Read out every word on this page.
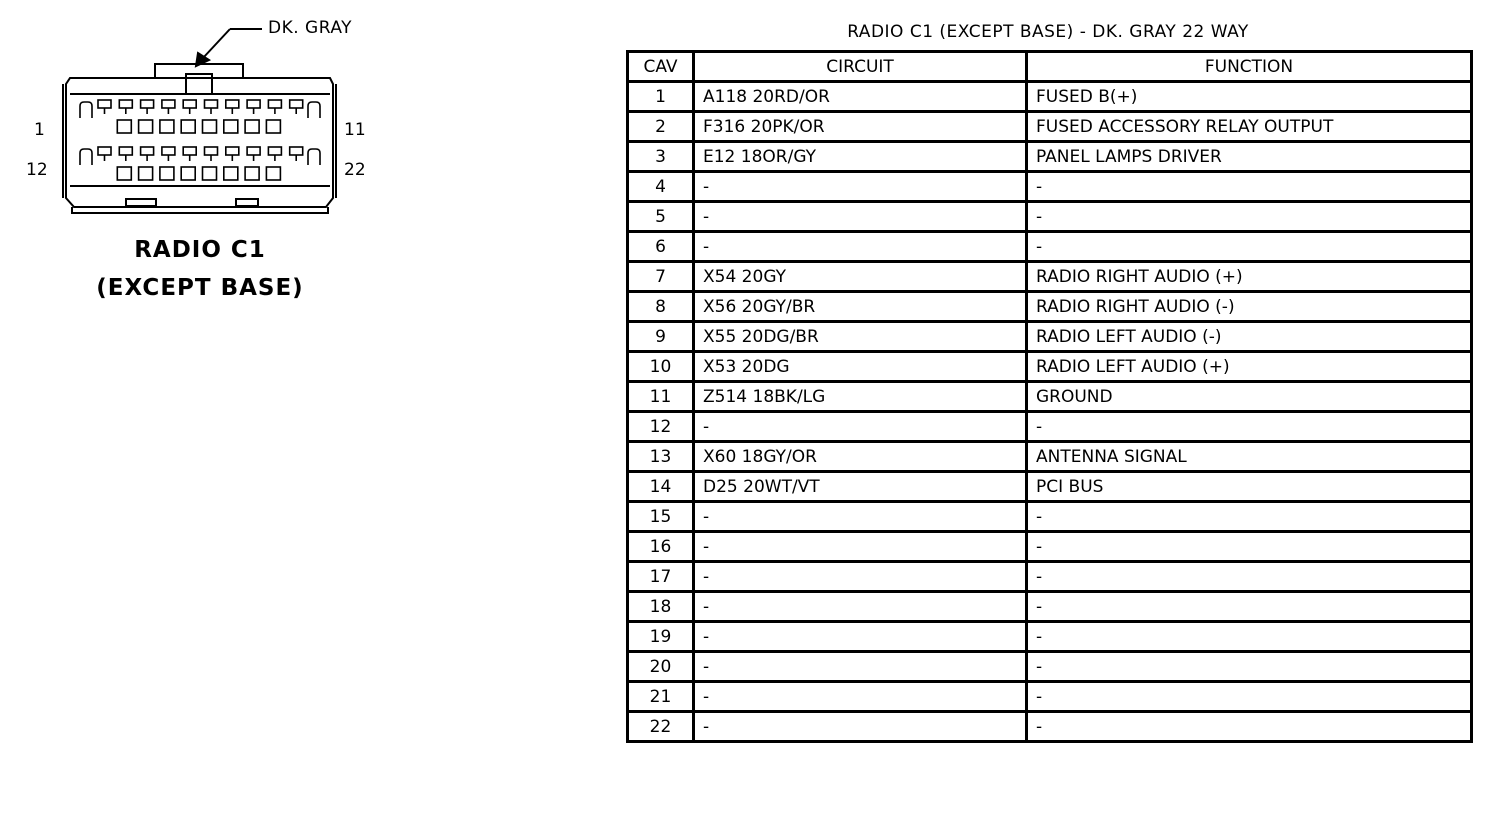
DK. GRAY
1	11
12	22
RADIO C1
(EXCEPT BASE)
RADIO C1 (EXCEPT BASE) - DK. GRAY 22 WAY
CAV	CIRCUIT	FUNCTION
1	A118 20RD/OR	FUSED B(+)
2	F316 20PK/OR	FUSED ACCESSORY RELAY OUTPUT
3	E12 18OR/GY	PANEL LAMPS DRIVER
4	-	-
5	-	-
6	-	-
7	X54 20GY	RADIO RIGHT AUDIO (+)
8	X56 20GY/BR	RADIO RIGHT AUDIO (-)
9	X55 20DG/BR	RADIO LEFT AUDIO (-)
10	X53 20DG	RADIO LEFT AUDIO (+)
11	Z514 18BK/LG	GROUND
12	-	-
13	X60 18GY/OR	ANTENNA SIGNAL
14	D25 20WT/VT	PCI BUS
15	-	-
16	-	-
17	-	-
18	-	-
19	-	-
20	-	-
21	-	-
22	-	-
